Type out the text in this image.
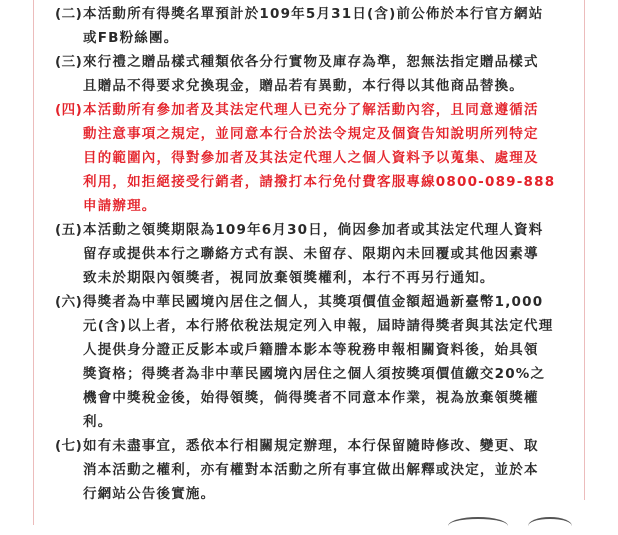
(二) 本活動所有得獎名單預計於109年5月31日(含)前公佈於本行官方網站
或FB粉絲團。
(三) 來行禮之贈品樣式種類依各分行實物及庫存為準，恕無法指定贈品樣式
且贈品不得要求兌換現金，贈品若有異動，本行得以其他商品替換。
(四) 本活動所有參加者及其法定代理人已充分了解活動內容，且同意遵循活
動注意事項之規定，並同意本行合於法令規定及個資告知說明所列特定
目的範圍內，得對參加者及其法定代理人之個人資料予以蒐集、處理及
利用，如拒絕接受行銷者，請撥打本行免付費客服專線0800-089-888
申請辦理。
(五) 本活動之領獎期限為109年6月30日，倘因參加者或其法定代理人資料
留存或提供本行之聯絡方式有誤、未留存、限期內未回覆或其他因素導
致未於期限內領獎者，視同放棄領獎權利，本行不再另行通知。
(六) 得獎者為中華民國境內居住之個人，其獎項價值金額超過新臺幣1,000
元(含)以上者，本行將依稅法規定列入申報，屆時請得獎者與其法定代理
人提供身分證正反影本或戶籍謄本影本等稅務申報相關資料後，始具領
獎資格；得獎者為非中華民國境內居住之個人須按獎項價值繳交20%之
機會中獎稅金後，始得領獎，倘得獎者不同意本作業，視為放棄領獎權
利。
(七) 如有未盡事宜，悉依本行相關規定辦理，本行保留隨時修改、變更、取
消本活動之權利，亦有權對本活動之所有事宜做出解釋或決定，並於本
行網站公告後實施。
